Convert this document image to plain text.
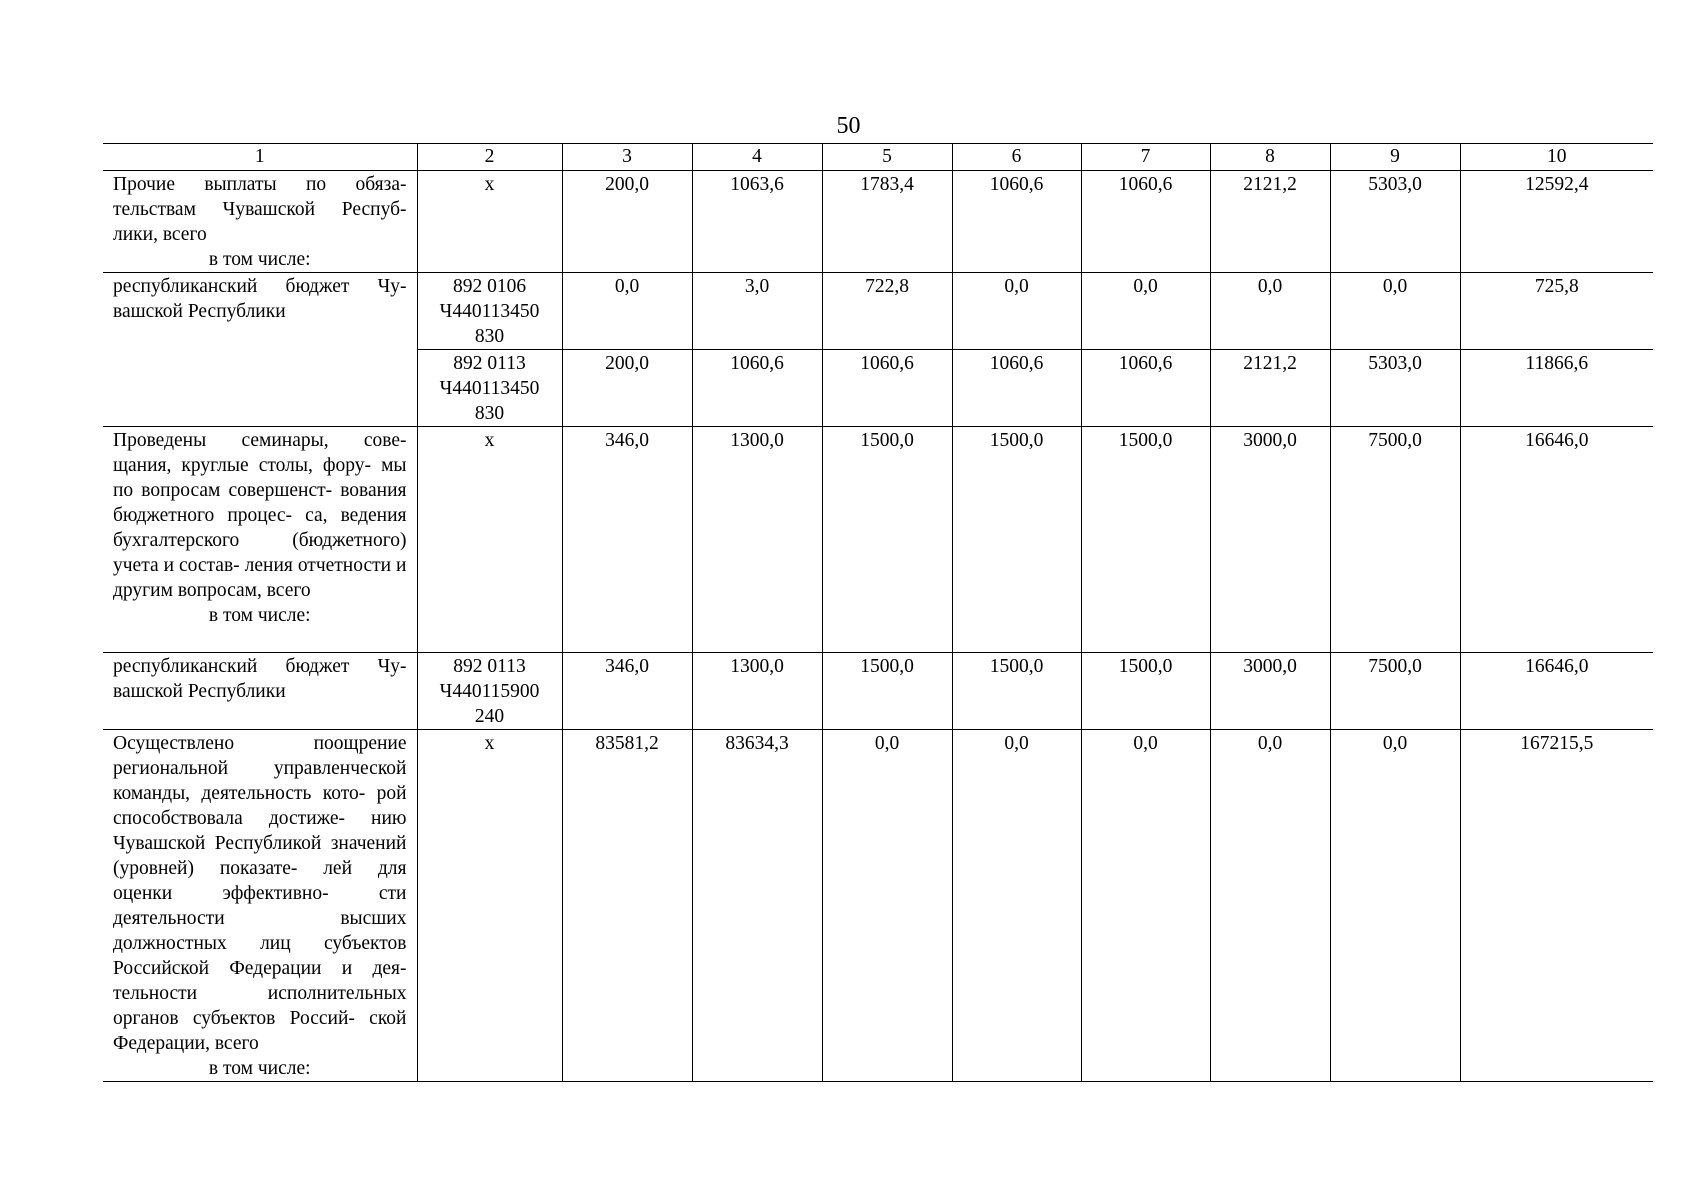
50
1	2	3	4	5	6	7	8	9	10
Прочие выплаты по обяза- тельствам Чувашской Респуб- лики, всего
в том числе:	х	200,0	1063,6	1783,4	1060,6	1060,6	2121,2	5303,0	12592,4
республиканский бюджет Чу- вашской Республики	892 0106
Ч440113450
830	0,0	3,0	722,8	0,0	0,0	0,0	0,0	725,8

	892 0113
Ч440113450
830	200,0	1060,6	1060,6	1060,6	1060,6	2121,2	5303,0	11866,6
Проведены семинары, сове- щания, круглые столы, фору- мы по вопросам совершенст- вования бюджетного процес- са, ведения бухгалтерского (бюджетного) учета и состав- ления отчетности и другим вопросам, всего
в том числе:	х	346,0	1300,0	1500,0	1500,0	1500,0	3000,0	7500,0	16646,0
республиканский бюджет Чу- вашской Республики	892 0113
Ч440115900
240	346,0	1300,0	1500,0	1500,0	1500,0	3000,0	7500,0	16646,0
Осуществлено поощрение региональной управленческой команды, деятельность кото- рой способствовала достиже- нию Чувашской Республикой значений (уровней) показате- лей для оценки эффективно- сти деятельности высших должностных лиц субъектов Российской Федерации и дея- тельности исполнительных органов субъектов Россий- ской Федерации, всего
в том числе:	х	83581,2	83634,3	0,0	0,0	0,0	0,0	0,0	167215,5
